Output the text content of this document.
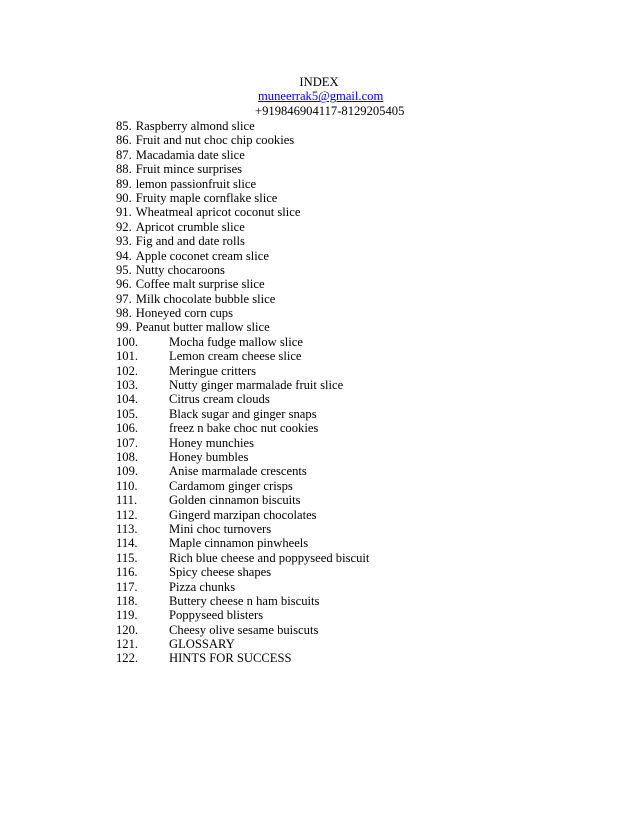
INDEX
muneerrak5@gmail.com
+919846904117-8129205405
85. Raspberry almond slice
86. Fruit and nut choc chip cookies
87. Macadamia date slice
88. Fruit mince surprises
89. lemon passionfruit slice
90. Fruity maple cornflake slice
91. Wheatmeal apricot coconut slice
92. Apricot crumble slice
93. Fig and and date rolls
94. Apple coconet cream slice
95. Nutty chocaroons
96. Coffee malt surprise slice
97. Milk chocolate bubble slice
98. Honeyed corn cups
99. Peanut butter mallow slice
100. Mocha fudge mallow slice
101. Lemon cream cheese slice
102. Meringue critters
103. Nutty ginger marmalade fruit slice
104. Citrus cream clouds
105. Black sugar and ginger snaps
106. freez n bake choc nut cookies
107. Honey munchies
108. Honey bumbles
109. Anise marmalade crescents
110. Cardamom ginger crisps
111.	Golden cinnamon biscuits
112. Gingerd marzipan chocolates
113. Mini choc turnovers
114. Maple cinnamon pinwheels
115. Rich blue cheese and poppyseed biscuit
116. Spicy cheese shapes
117. Pizza chunks
118. Buttery cheese n ham biscuits
119. Poppyseed blisters
120. Cheesy olive sesame buiscuts
121. GLOSSARY
122. HINTS FOR SUCCESS
